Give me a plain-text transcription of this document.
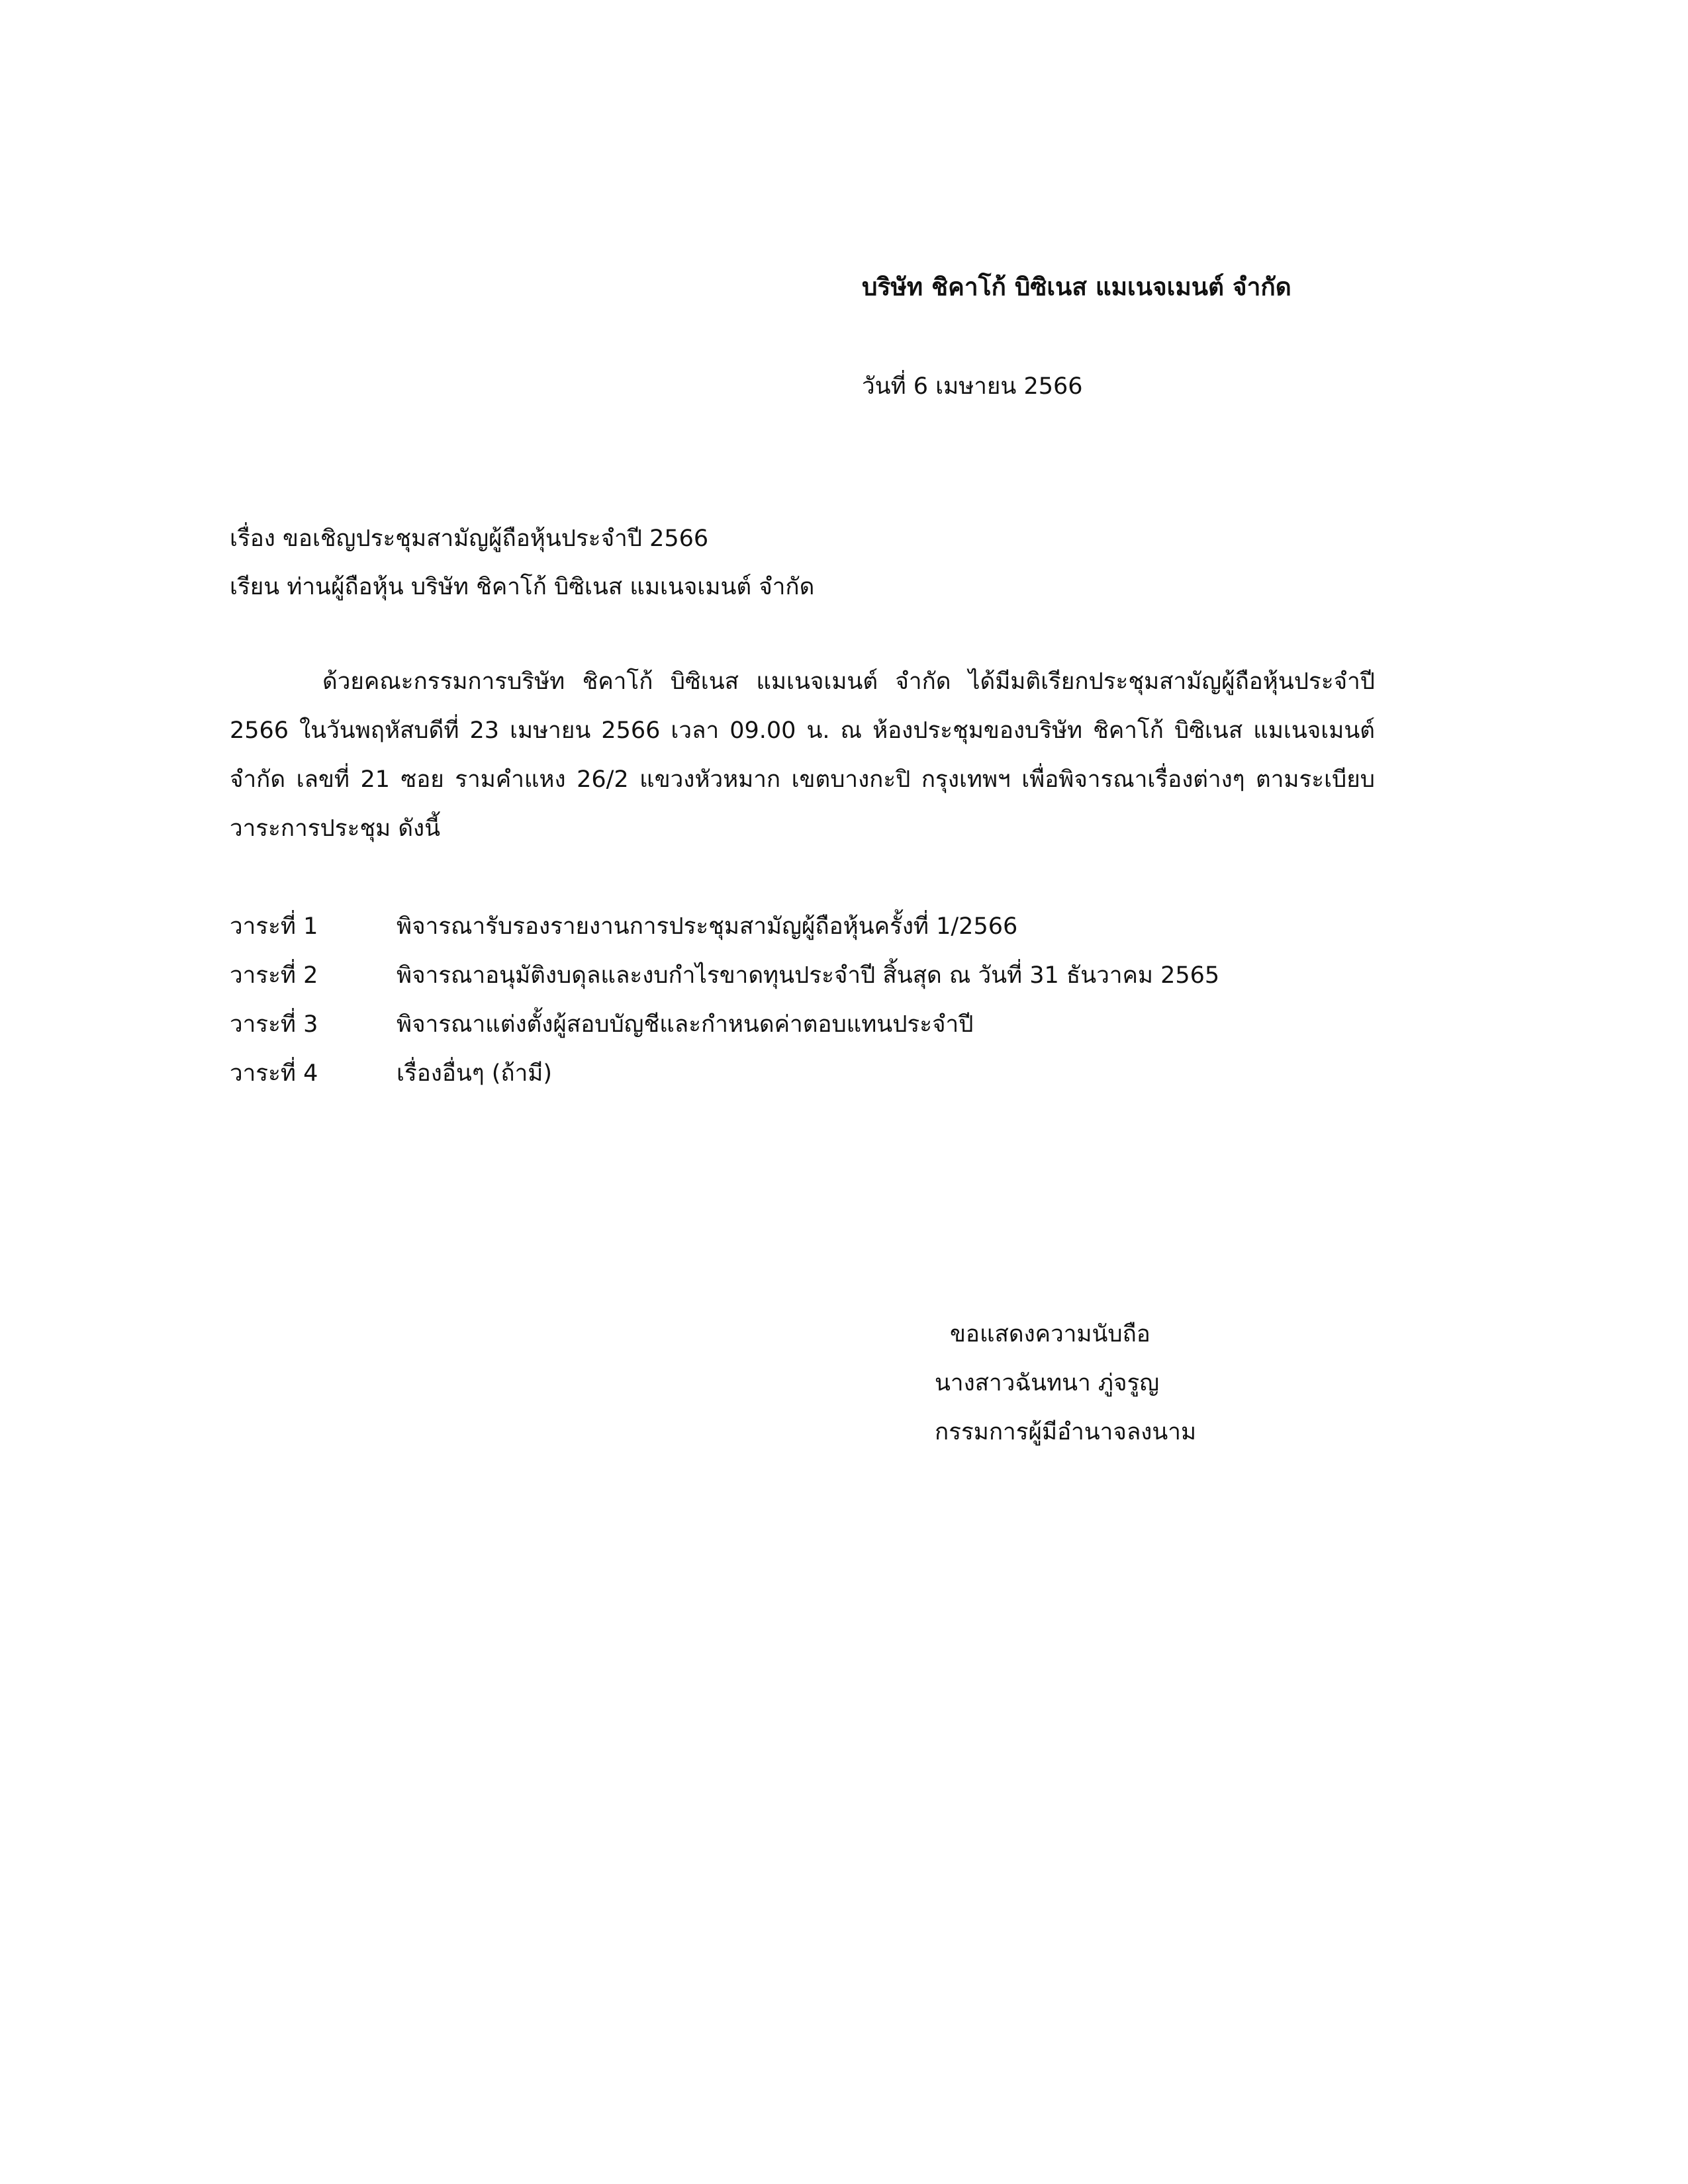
บริษัท ชิคาโก้ บิซิเนส แมเนจเมนต์ จำกัด
วันที่ 6 เมษายน 2566
เรื่อง ขอเชิญประชุมสามัญผู้ถือหุ้นประจำปี 2566
เรียน ท่านผู้ถือหุ้น บริษัท ชิคาโก้ บิซิเนส แมเนจเมนต์ จำกัด
ด้วยคณะกรรมการบริษัท ชิคาโก้ บิซิเนส แมเนจเมนต์ จำกัด ได้มีมติเรียกประชุมสามัญผู้ถือหุ้นประจำปี
2566 ในวันพฤหัสบดีที่ 23 เมษายน 2566 เวลา 09.00 น. ณ ห้องประชุมของบริษัท ชิคาโก้ บิซิเนส แมเนจเมนต์
จำกัด เลขที่ 21 ซอย รามคำแหง 26/2 แขวงหัวหมาก เขตบางกะปิ กรุงเทพฯ เพื่อพิจารณาเรื่องต่างๆ ตามระเบียบ
วาระการประชุม ดังนี้
วาระที่ 1	พิจารณารับรองรายงานการประชุมสามัญผู้ถือหุ้นครั้งที่ 1/2566
วาระที่ 2	พิจารณาอนุมัติงบดุลและงบกำไรขาดทุนประจำปี สิ้นสุด ณ วันที่ 31 ธันวาคม 2565
วาระที่ 3	พิจารณาแต่งตั้งผู้สอบบัญชีและกำหนดค่าตอบแทนประจำปี
วาระที่ 4	เรื่องอื่นๆ (ถ้ามี)
ขอแสดงความนับถือ
นางสาวฉันทนา ภู่จรูญ
กรรมการผู้มีอำนาจลงนาม
